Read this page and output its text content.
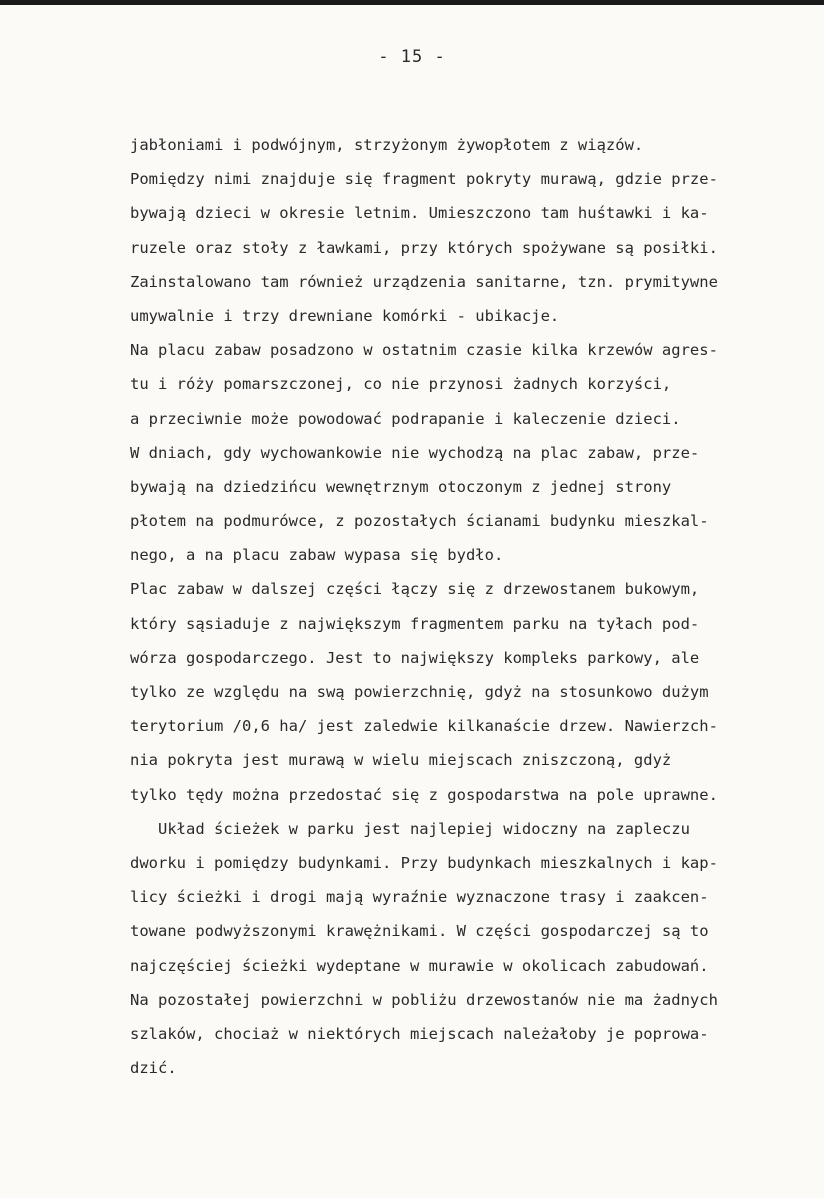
- 15 -
jabłoniami i podwójnym, strzyżonym żywopłotem z wiązów.
Pomiędzy nimi znajduje się fragment pokryty murawą, gdzie prze-
bywają dzieci w okresie letnim. Umieszczono tam huśtawki i ka-
ruzele oraz stoły z ławkami, przy których spożywane są posiłki.
Zainstalowano tam również urządzenia sanitarne, tzn. prymitywne
umywalnie i trzy drewniane komórki - ubikacje.
Na placu zabaw posadzono w ostatnim czasie kilka krzewów agres-
tu i róży pomarszczonej, co nie przynosi żadnych korzyści,
a przeciwnie może powodować podrapanie i kaleczenie dzieci.
W dniach, gdy wychowankowie nie wychodzą na plac zabaw, prze-
bywają na dziedzińcu wewnętrznym otoczonym z jednej strony
płotem na podmurówce, z pozostałych ścianami budynku mieszkal-
nego, a na placu zabaw wypasa się bydło.
Plac zabaw w dalszej części łączy się z drzewostanem bukowym,
który sąsiaduje z największym fragmentem parku na tyłach pod-
wórza gospodarczego. Jest to największy kompleks parkowy, ale
tylko ze względu na swą powierzchnię, gdyż na stosunkowo dużym
terytorium /0,6 ha/ jest zaledwie kilkanaście drzew. Nawierzch-
nia pokryta jest murawą w wielu miejscach zniszczoną, gdyż
tylko tędy można przedostać się z gospodarstwa na pole uprawne.
Układ ścieżek w parku jest najlepiej widoczny na zapleczu
dworku i pomiędzy budynkami. Przy budynkach mieszkalnych i kap-
licy ścieżki i drogi mają wyraźnie wyznaczone trasy i zaakcen-
towane podwyższonymi krawężnikami. W części gospodarczej są to
najczęściej ścieżki wydeptane w murawie w okolicach zabudowań.
Na pozostałej powierzchni w pobliżu drzewostanów nie ma żadnych
szlaków, chociaż w niektórych miejscach należałoby je poprowa-
dzić.
